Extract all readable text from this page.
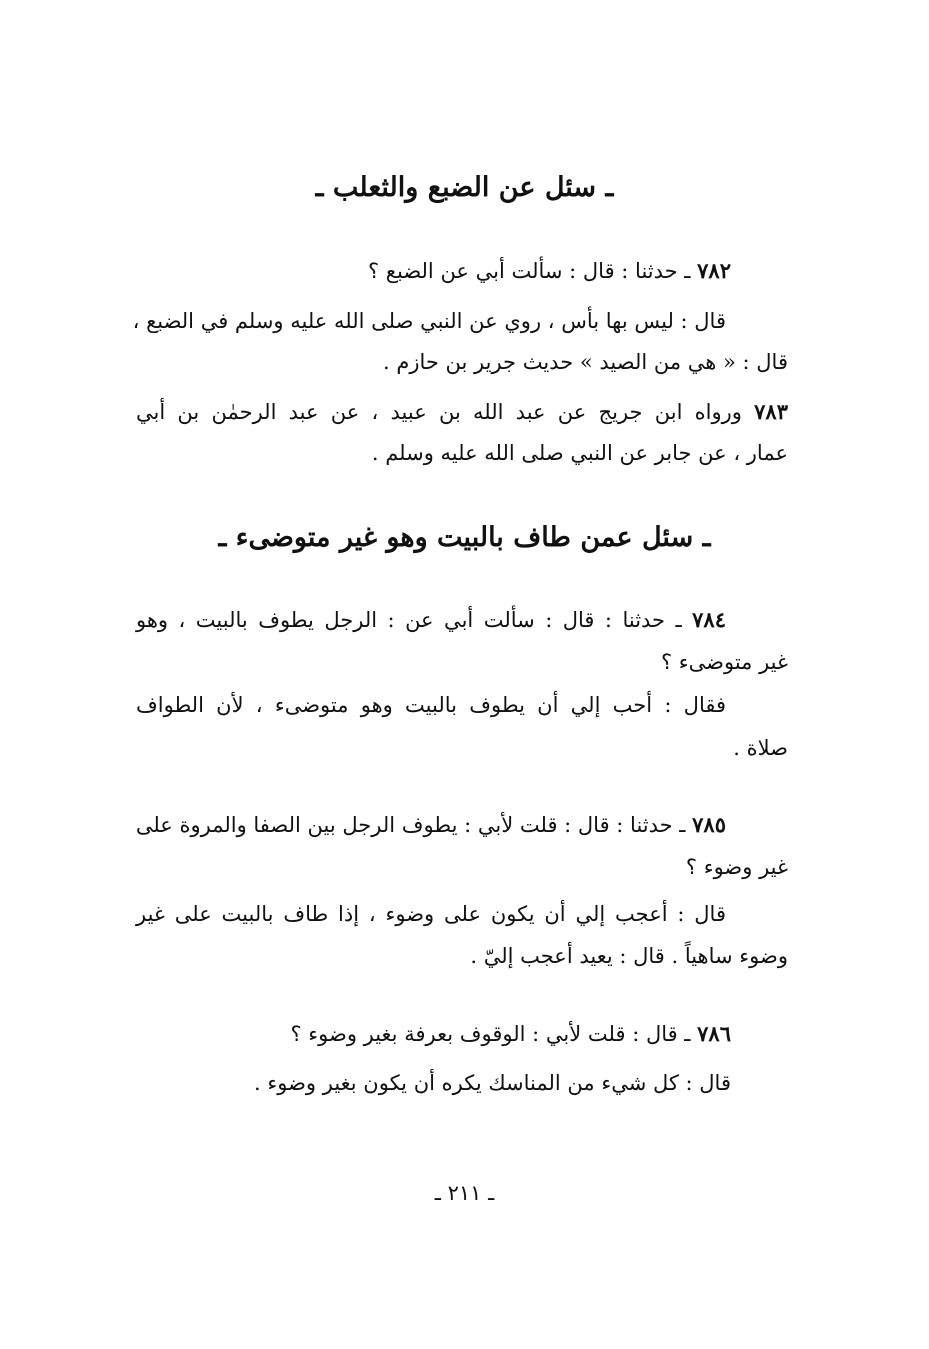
ـ سئل عن الضبع والثعلب ـ
٧٨٢ ـ حدثنا : قال : سألت أبي عن الضبع ؟
قال : ليس بها بأس ، روي عن النبي صلى الله عليه وسلم في الضبع ،
قال : « هي من الصيد » حديث جرير بن حازم .
٧٨٣ ورواه ابن جريج عن عبد الله بن عبيد ، عن عبد الرحمٰن بن أبي
عمار ، عن جابر عن النبي صلى الله عليه وسلم .
ـ سئل عمن طاف بالبيت وهو غير متوضىء ـ
٧٨٤ ـ حدثنا : قال : سألت أبي عن : الرجل يطوف بالبيت ، وهو
غير متوضىء ؟
فقال : أحب إلي أن يطوف بالبيت وهو متوضىء ، لأن الطواف
صلاة .
٧٨٥ ـ حدثنا : قال : قلت لأبي : يطوف الرجل بين الصفا والمروة على
غير وضوء ؟
قال : أعجب إلي أن يكون على وضوء ، إذا طاف بالبيت على غير
وضوء ساهياً . قال : يعيد أعجب إليّ .
٧٨٦ ـ قال : قلت لأبي : الوقوف بعرفة بغير وضوء ؟
قال : كل شيء من المناسك يكره أن يكون بغير وضوء .
ـ ٢١١ ـ
